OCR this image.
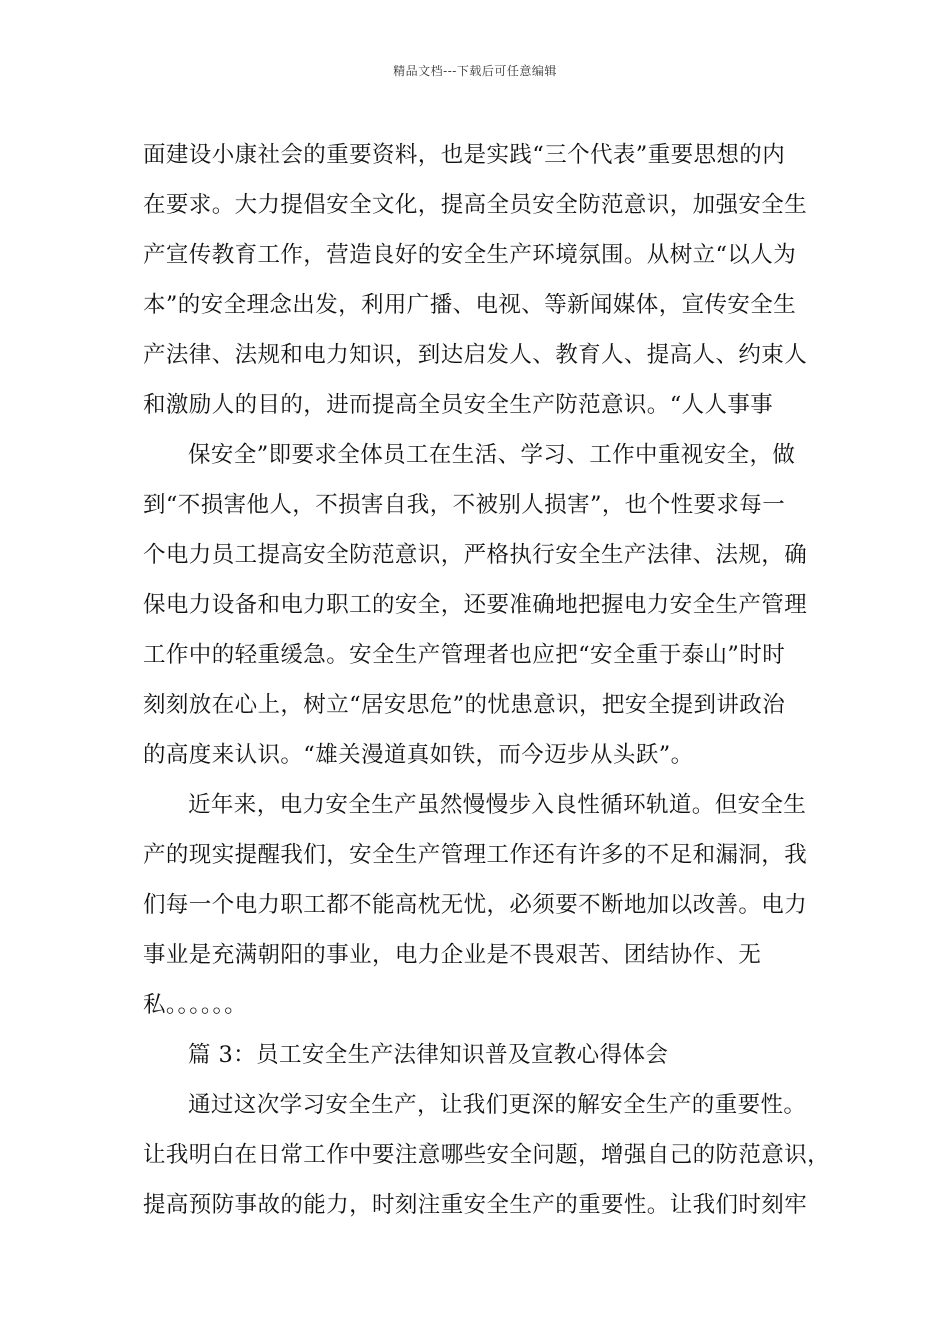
精品文档---下载后可任意编辑
面建设小康社会的重要资料，也是实践“三个代表”重要思想的内
在要求。大力提倡安全文化，提高全员安全防范意识，加强安全生
产宣传教育工作，营造良好的安全生产环境氛围。从树立“以人为
本”的安全理念出发，利用广播、电视、等新闻媒体，宣传安全生
产法律、法规和电力知识，到达启发人、教育人、提高人、约束人
和激励人的目的，进而提高全员安全生产防范意识。“人人事事
保安全”即要求全体员工在生活、学习、工作中重视安全，做
到“不损害他人，不损害自我，不被别人损害”，也个性要求每一
个电力员工提高安全防范意识，严格执行安全生产法律、法规，确
保电力设备和电力职工的安全，还要准确地把握电力安全生产管理
工作中的轻重缓急。安全生产管理者也应把“安全重于泰山”时时
刻刻放在心上，树立“居安思危”的忧患意识，把安全提到讲政治
的高度来认识。“雄关漫道真如铁，而今迈步从头跃”。
近年来，电力安全生产虽然慢慢步入良性循环轨道。但安全生
产的现实提醒我们，安全生产管理工作还有许多的不足和漏洞，我
们每一个电力职工都不能高枕无忧，必须要不断地加以改善。电力
事业是充满朝阳的事业，电力企业是不畏艰苦、团结协作、无
私。。。。。。
篇 3：员工安全生产法律知识普及宣教心得体会
通过这次学习安全生产，让我们更深的解安全生产的重要性。
让我明白在日常工作中要注意哪些安全问题，增强自己的防范意识，
提高预防事故的能力，时刻注重安全生产的重要性。让我们时刻牢
